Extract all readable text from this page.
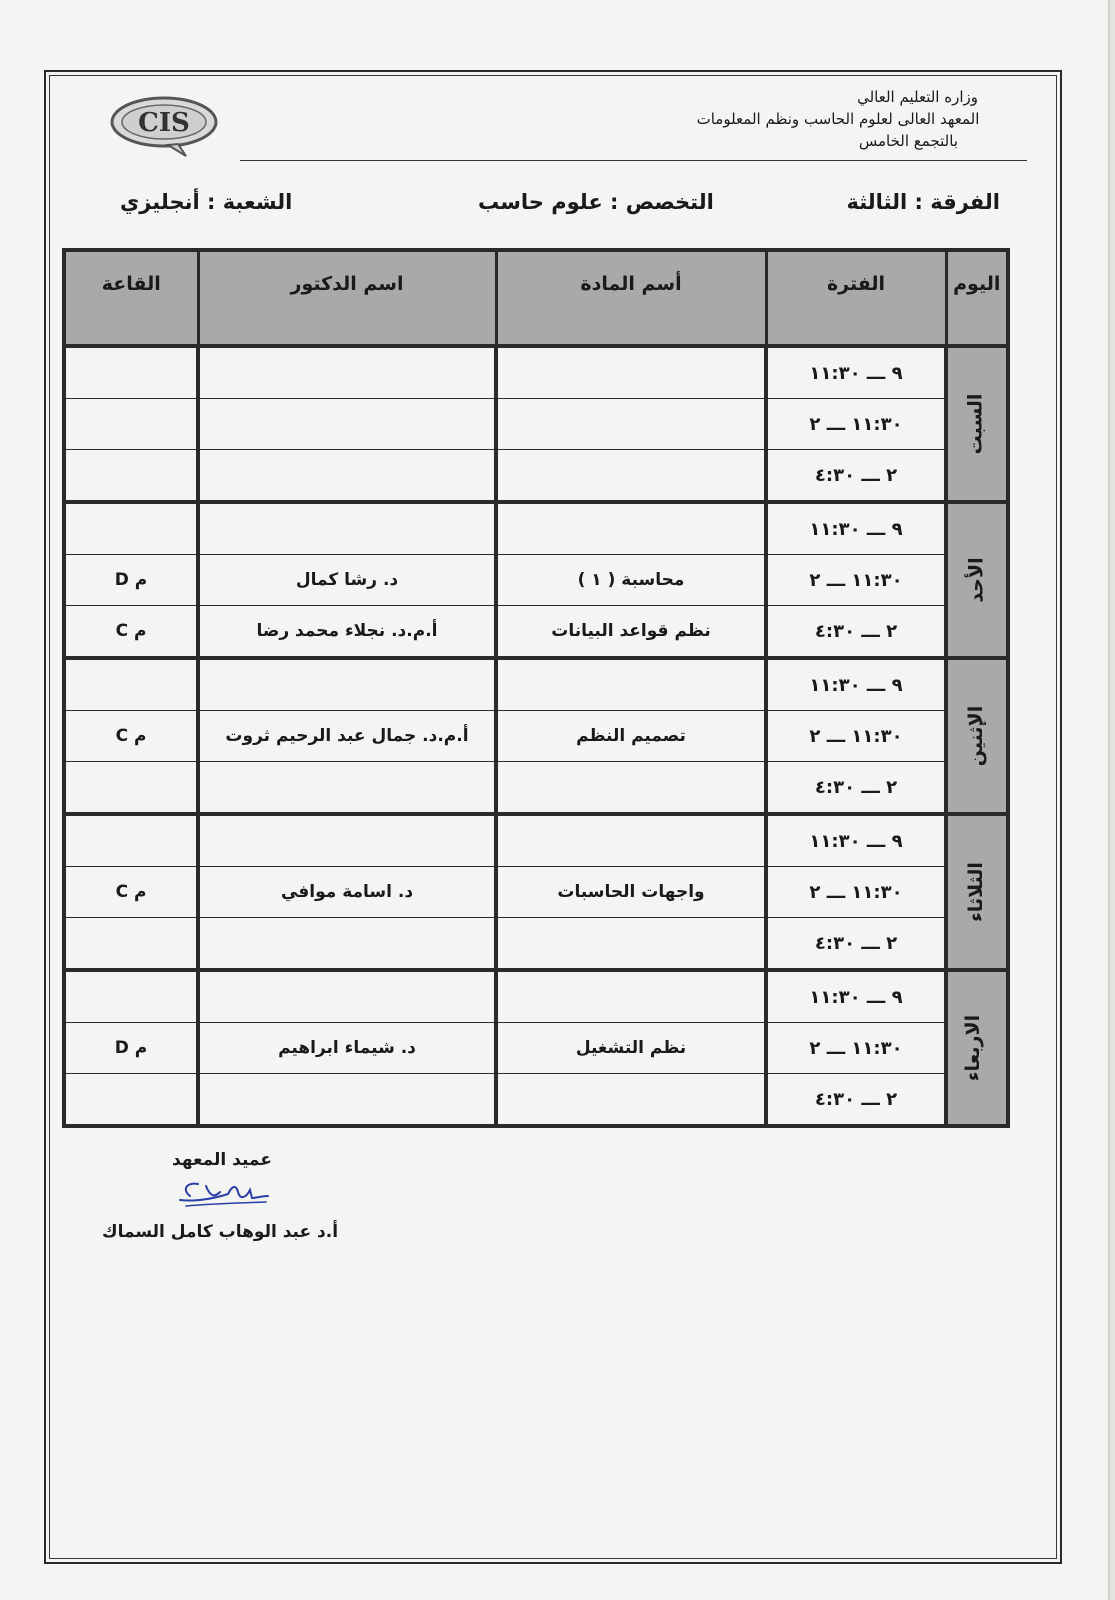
CIS
وزاره التعليم العالي
المعهد العالى لعلوم الحاسب ونظم المعلومات
بالتجمع الخامس
الفرقة : الثالثة
التخصص : علوم حاسب
الشعبة : أنجليزي
اليوم	الفترة	أسم المادة	اسم الدكتور	القاعة
السبت	٩ ـــ ١١:٣٠			
	١١:٣٠ ـــ ٢			
	٢ ـــ ٤:٣٠			
الأحد	٩ ـــ ١١:٣٠			
	١١:٣٠ ـــ ٢	محاسبة ( ١ )	د. رشا كمال	D م
	٢ ـــ ٤:٣٠	نظم قواعد البيانات	أ.م.د. نجلاء محمد رضا	C م
الإثنين	٩ ـــ ١١:٣٠			
	١١:٣٠ ـــ ٢	تصميم النظم	أ.م.د. جمال عبد الرحيم ثروت	C م
	٢ ـــ ٤:٣٠			
الثلاثاء	٩ ـــ ١١:٣٠			
	١١:٣٠ ـــ ٢	واجهات الحاسبات	د. اسامة موافي	C م
	٢ ـــ ٤:٣٠			
الاربعاء	٩ ـــ ١١:٣٠			
	١١:٣٠ ـــ ٢	نظم التشغيل	د. شيماء ابراهيم	D م
	٢ ـــ ٤:٣٠			
عميد المعهد
أ.د عبد الوهاب كامل السماك
